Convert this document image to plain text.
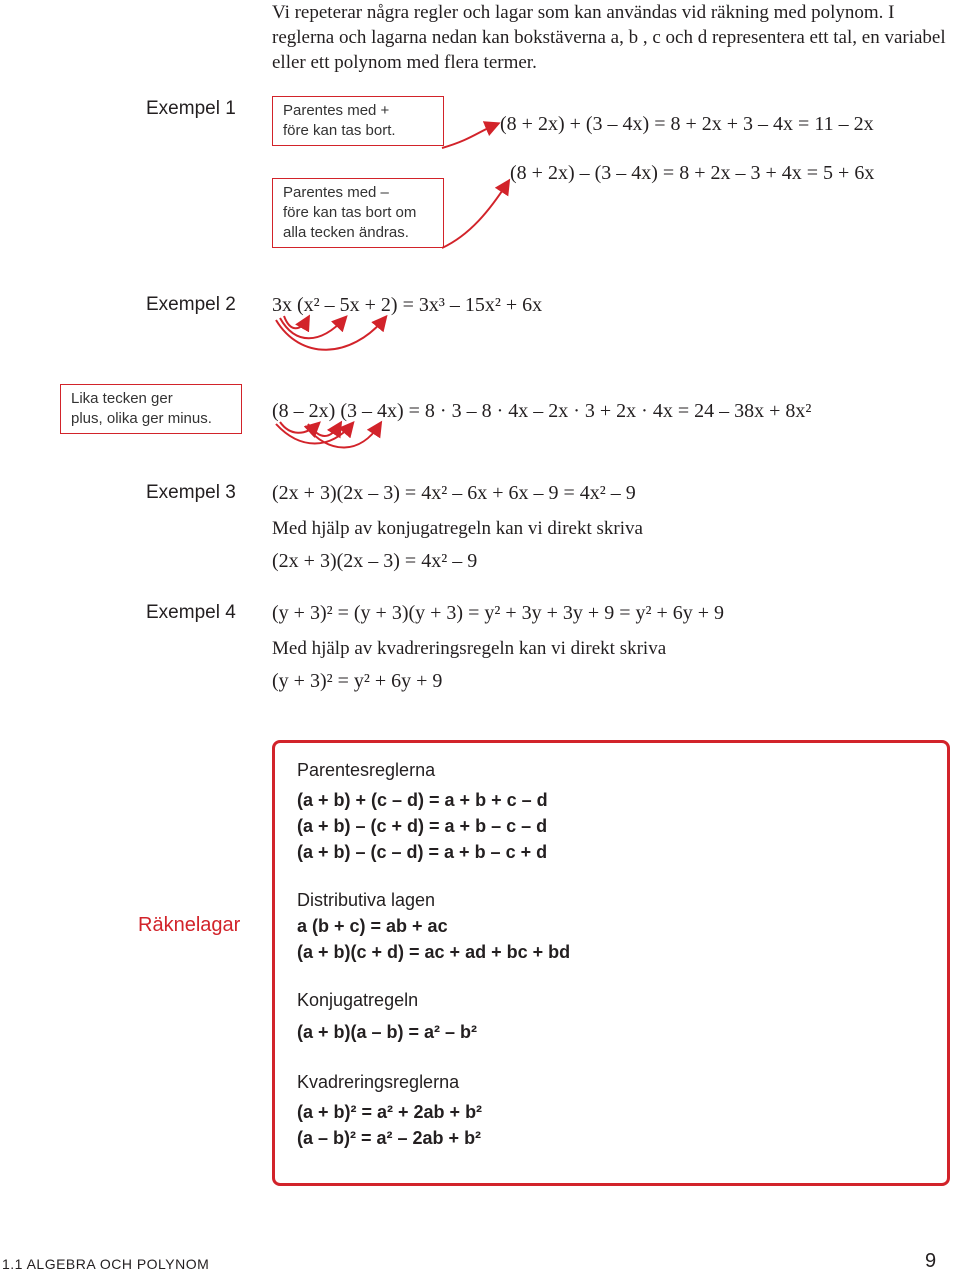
Vi repeterar några regler och lagar som kan användas vid räkning med polynom. I reglerna och lagarna nedan kan bokstäverna a, b , c och d representera ett tal, en variabel eller ett polynom med flera termer.
Exempel 1	Parentes med +
före kan tas bort.
Parentes med –
före kan tas bort om
alla tecken ändras.
(8 + 2x) + (3 – 4x) = 8 + 2x + 3 – 4x = 11 – 2x
(8 + 2x) – (3 – 4x) = 8 + 2x – 3 + 4x = 5 + 6x
Exempel 2 3x (x² – 5x + 2) = 3x³ – 15x² + 6x
Lika tecken ger
plus, olika ger minus.	(8 – 2x) (3 – 4x) = 8 · 3 – 8 · 4x – 2x · 3 + 2x · 4x = 24 – 38x + 8x²
Exempel 3 (2x + 3)(2x – 3) = 4x² – 6x + 6x – 9 = 4x² – 9
Med hjälp av konjugatregeln kan vi direkt skriva
(2x + 3)(2x – 3) = 4x² – 9
Exempel 4 (y + 3)² = (y + 3)(y + 3) = y² + 3y + 3y + 9 = y² + 6y + 9
Med hjälp av kvadreringsregeln kan vi direkt skriva
(y + 3)² = y² + 6y + 9
Räknelagar
Parentesreglerna
(a + b) + (c – d) = a + b + c – d
(a + b) – (c + d) = a + b – c – d
(a + b) – (c – d) = a + b – c + d
Distributiva lagen
a (b + c) = ab + ac
(a + b)(c + d) = ac + ad + bc + bd
Konjugatregeln
(a + b)(a – b) = a² – b²
Kvadreringsreglerna
(a + b)² = a² + 2ab + b²
(a – b)² = a² – 2ab + b²
1.1 ALGEBRA OCH POLYNOM	9
